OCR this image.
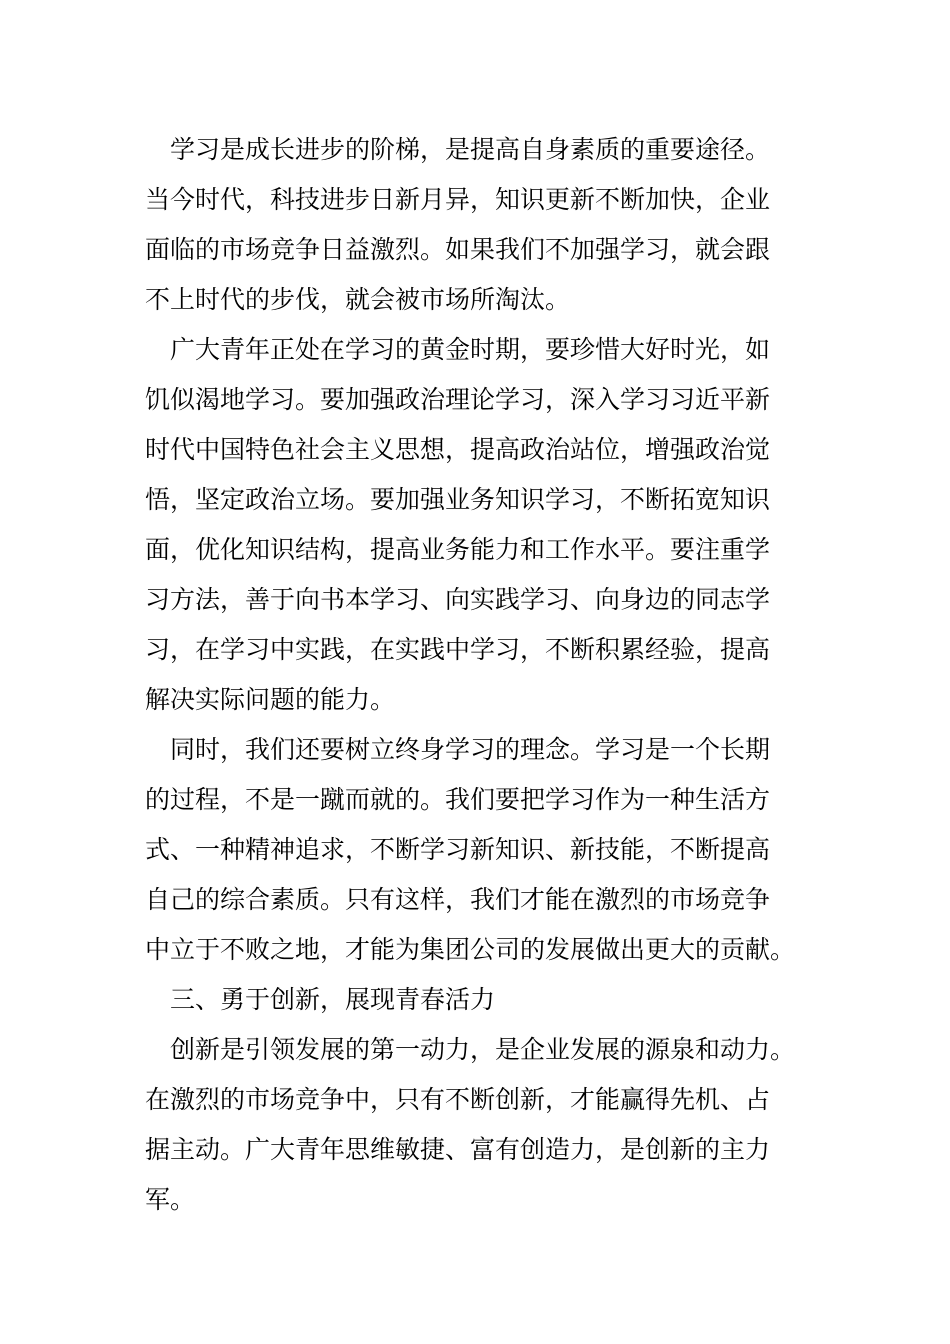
　学习是成长进步的阶梯，是提高自身素质的重要途径。
当今时代，科技进步日新月异，知识更新不断加快，企业
面临的市场竞争日益激烈。如果我们不加强学习，就会跟
不上时代的步伐，就会被市场所淘汰。
　广大青年正处在学习的黄金时期，要珍惜大好时光，如
饥似渴地学习。要加强政治理论学习，深入学习习近平新
时代中国特色社会主义思想，提高政治站位，增强政治觉
悟，坚定政治立场。要加强业务知识学习，不断拓宽知识
面，优化知识结构，提高业务能力和工作水平。要注重学
习方法，善于向书本学习、向实践学习、向身边的同志学
习，在学习中实践，在实践中学习，不断积累经验，提高
解决实际问题的能力。
　同时，我们还要树立终身学习的理念。学习是一个长期
的过程，不是一蹴而就的。我们要把学习作为一种生活方
式、一种精神追求，不断学习新知识、新技能，不断提高
自己的综合素质。只有这样，我们才能在激烈的市场竞争
中立于不败之地，才能为集团公司的发展做出更大的贡献。
　三、勇于创新，展现青春活力
　创新是引领发展的第一动力，是企业发展的源泉和动力。
在激烈的市场竞争中，只有不断创新，才能赢得先机、占
据主动。广大青年思维敏捷、富有创造力，是创新的主力
军。
